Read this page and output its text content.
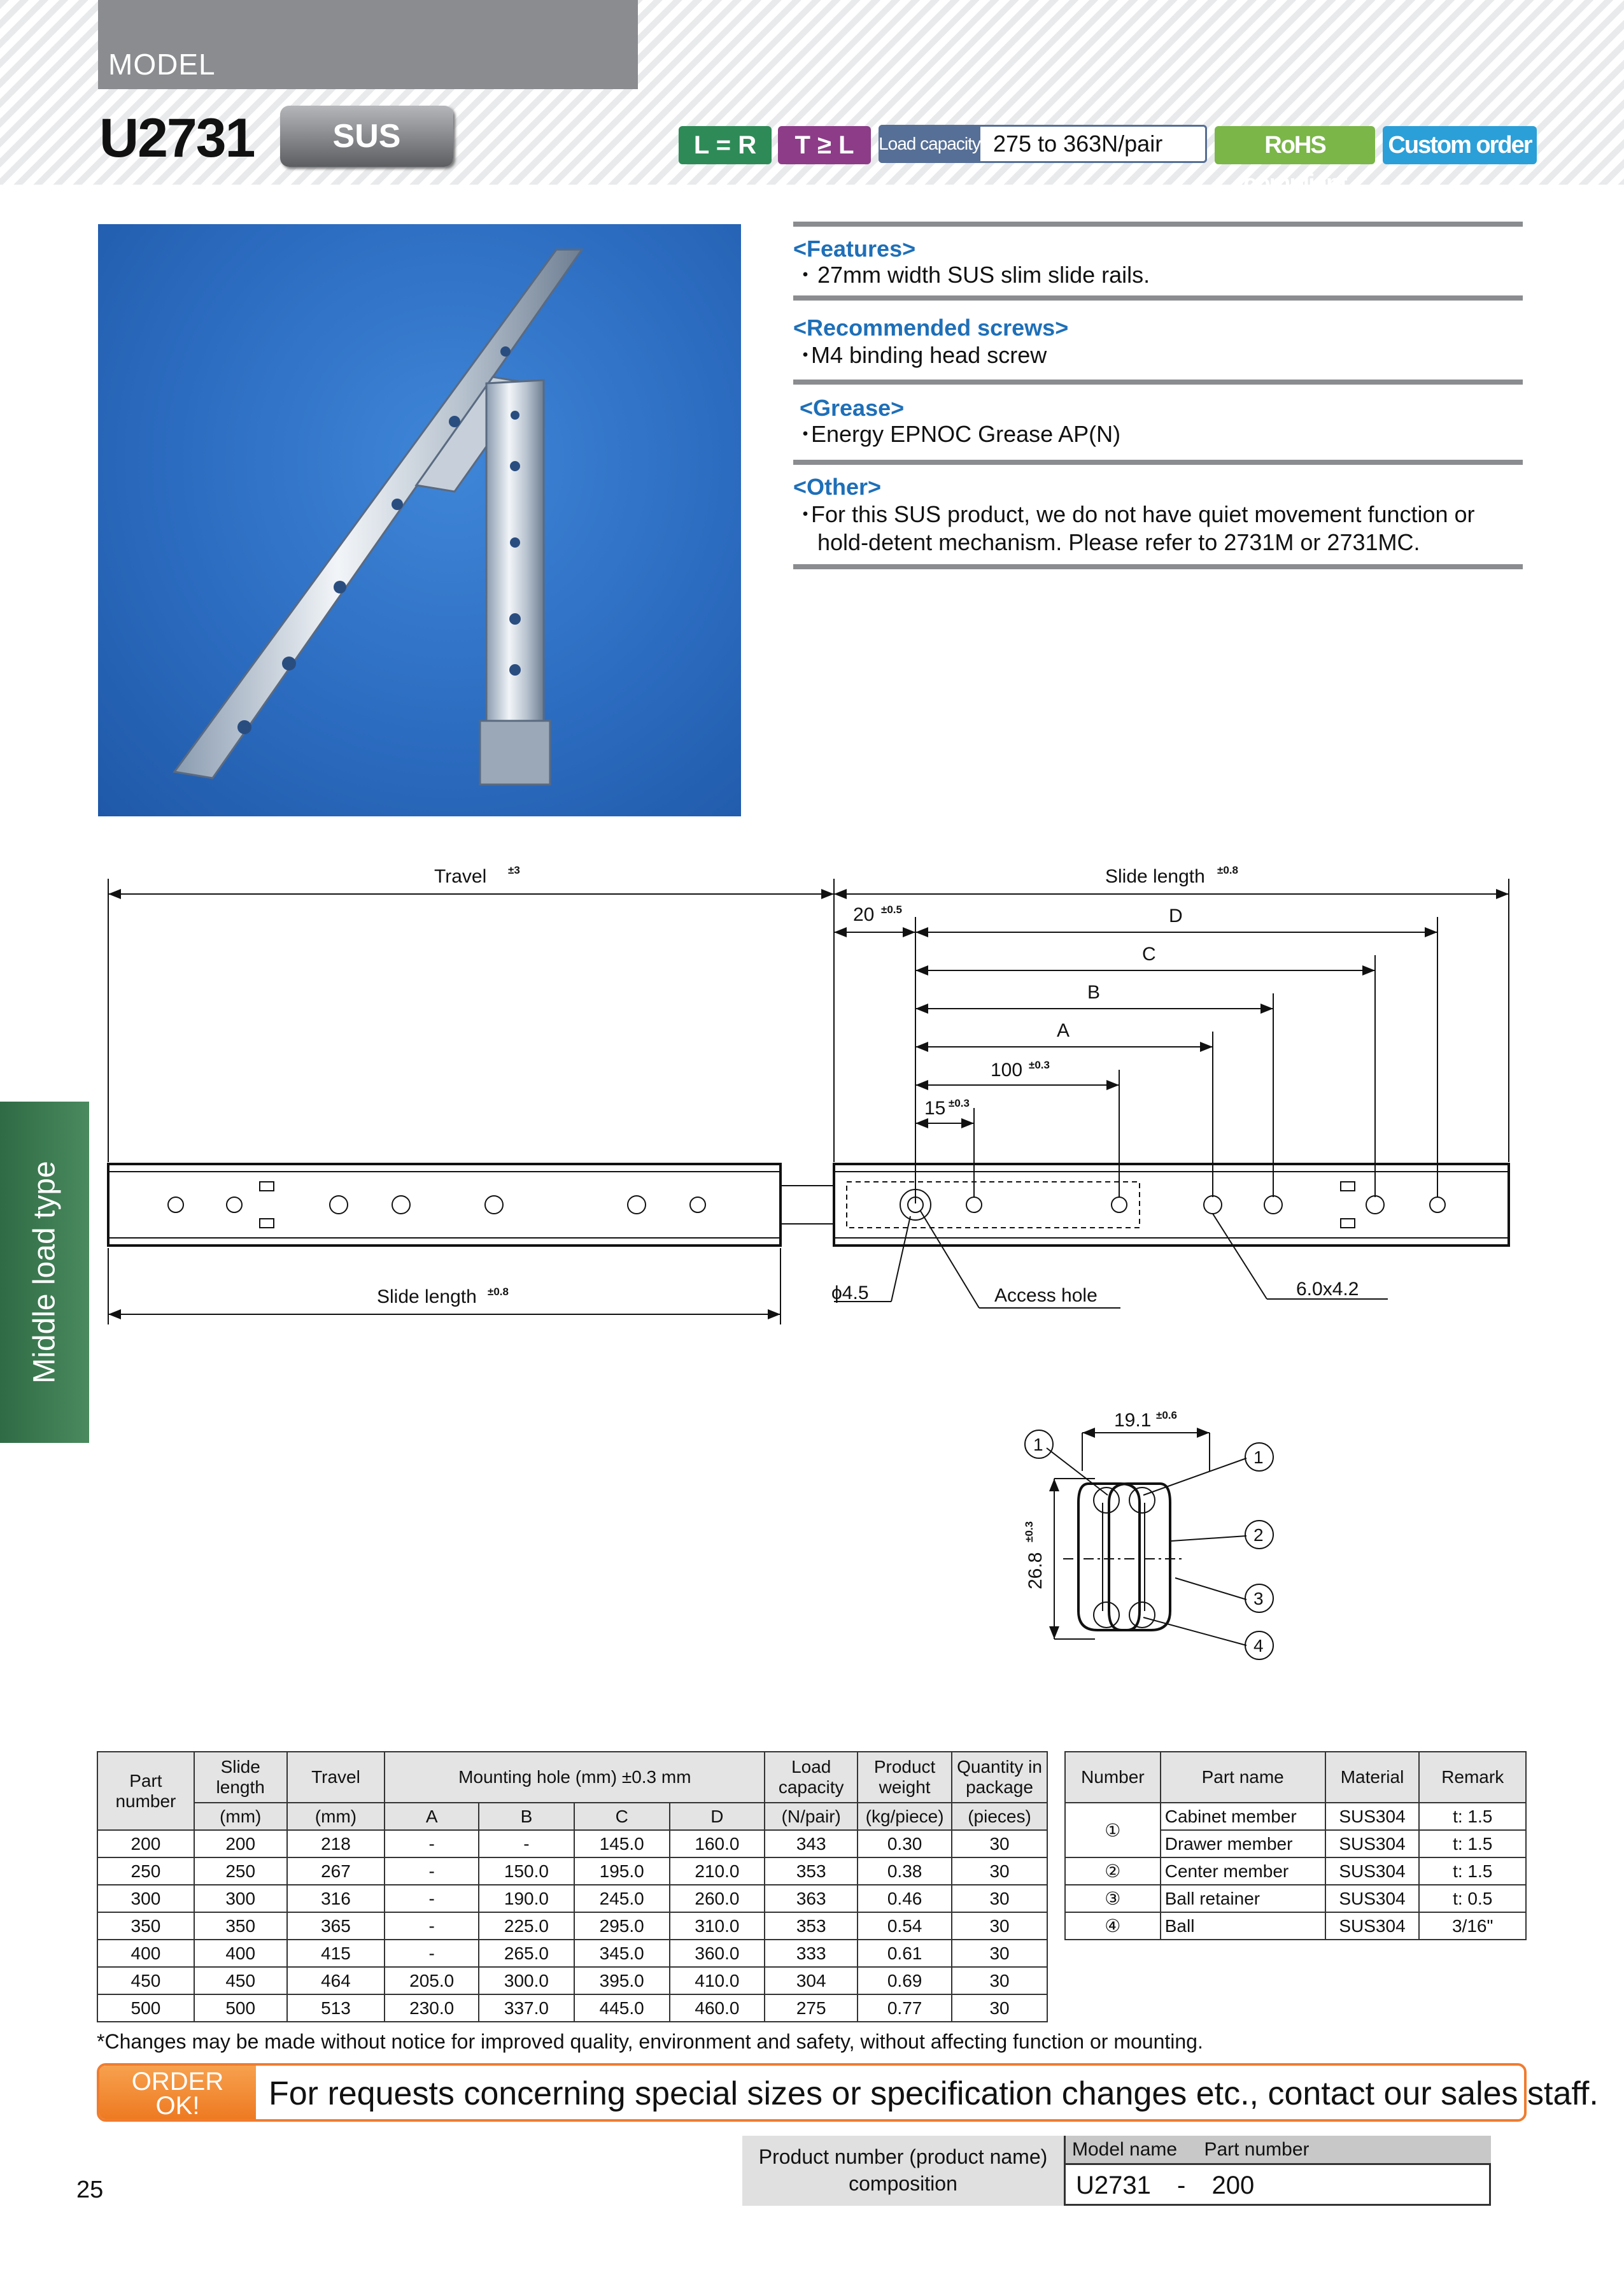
MODEL
U2731	SUS	L = R	T ≥ L	Load capacity 275 to 363N/pair	RoHS compliant
Custom order
<Features>
･ 27mm width SUS slim slide rails.
<Recommended screws>
･M4 binding head screw
<Grease>
･Energy EPNOC Grease AP(N)
<Other>
･For this SUS product, we do not have quiet movement function or
hold-detent mechanism. Please refer to 2731M or 2731MC.
Middle load type
Travel ±3	Slide length ±0.8
20 ±0.5	D
C
B
A
100 ±0.3
15 ±0.3
Slide length ±0.8	ϕ4.5	Access hole	6.0x4.2
19.1 ±0.6
26.8
±0.3
1
1
2
3
4
Part number	Slide length	Travel	Mounting hole (mm) ±0.3 mm				Load capacity	Product weight	Quantity in package
	(mm)	(mm)	A	B	C	D	(N/pair)	(kg/piece)	(pieces)
200	200	218	-	-	145.0	160.0	343	0.30	30
250	250	267	-	150.0	195.0	210.0	353	0.38	30
300	300	316	-	190.0	245.0	260.0	363	0.46	30
350	350	365	-	225.0	295.0	310.0	353	0.54	30
400	400	415	-	265.0	345.0	360.0	333	0.61	30
450	450	464	205.0	300.0	395.0	410.0	304	0.69	30
500	500	513	230.0	337.0	445.0	460.0	275	0.77	30
Number	Part name	Material	Remark
①	Cabinet member	SUS304	t: 1.5
	Drawer member	SUS304	t: 1.5
②	Center member	SUS304	t: 1.5
③	Ball retainer	SUS304	t: 0.5
④	Ball	SUS304	3/16"
*Changes may be made without notice for improved quality, environment and safety, without affecting function or mounting.
ORDER
OK!	For requests concerning special sizes or specification changes etc., contact our sales staff.
Product number (product name)
composition
Model name Part number
U2731 - 200
25
